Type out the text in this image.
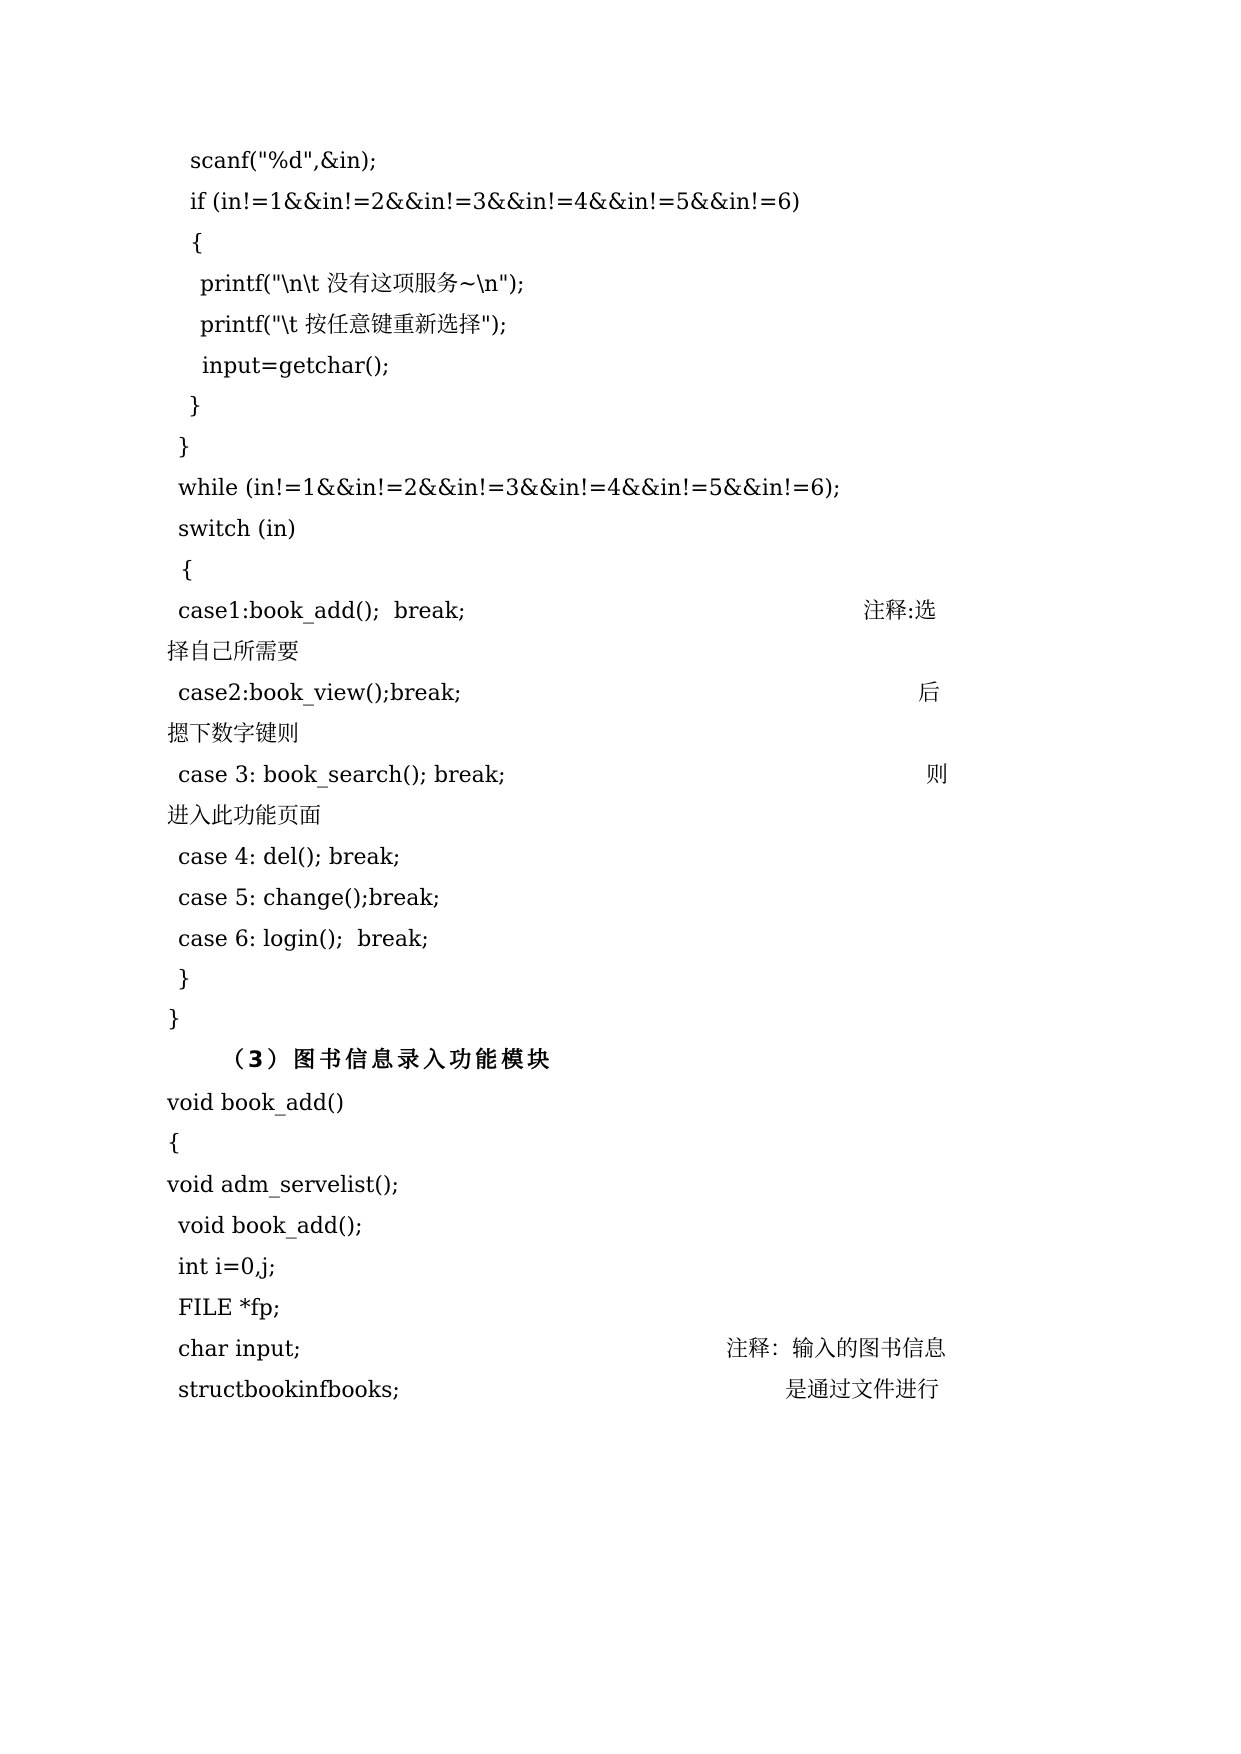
scanf("%d",&in);
if (in!=1&&in!=2&&in!=3&&in!=4&&in!=5&&in!=6)
{
printf("\n\t 没有这项服务~\n");
printf("\t 按任意键重新选择");
input=getchar();
}
}
while (in!=1&&in!=2&&in!=3&&in!=4&&in!=5&&in!=6);
switch (in)
{
case1:book_add();  break;	注释:选
择自己所需要
case2:book_view();break;	后
摁下数字键则
case 3: book_search(); break;	则
进入此功能页面
case 4: del(); break;
case 5: change();break;
case 6: login();  break;
}
}
（3）图书信息录入功能模块
void book_add()
{
void adm_servelist();
void book_add();
int i=0,j;
FILE *fp;
char input;	注释：输入的图书信息
structbookinfbooks;	是通过文件进行
